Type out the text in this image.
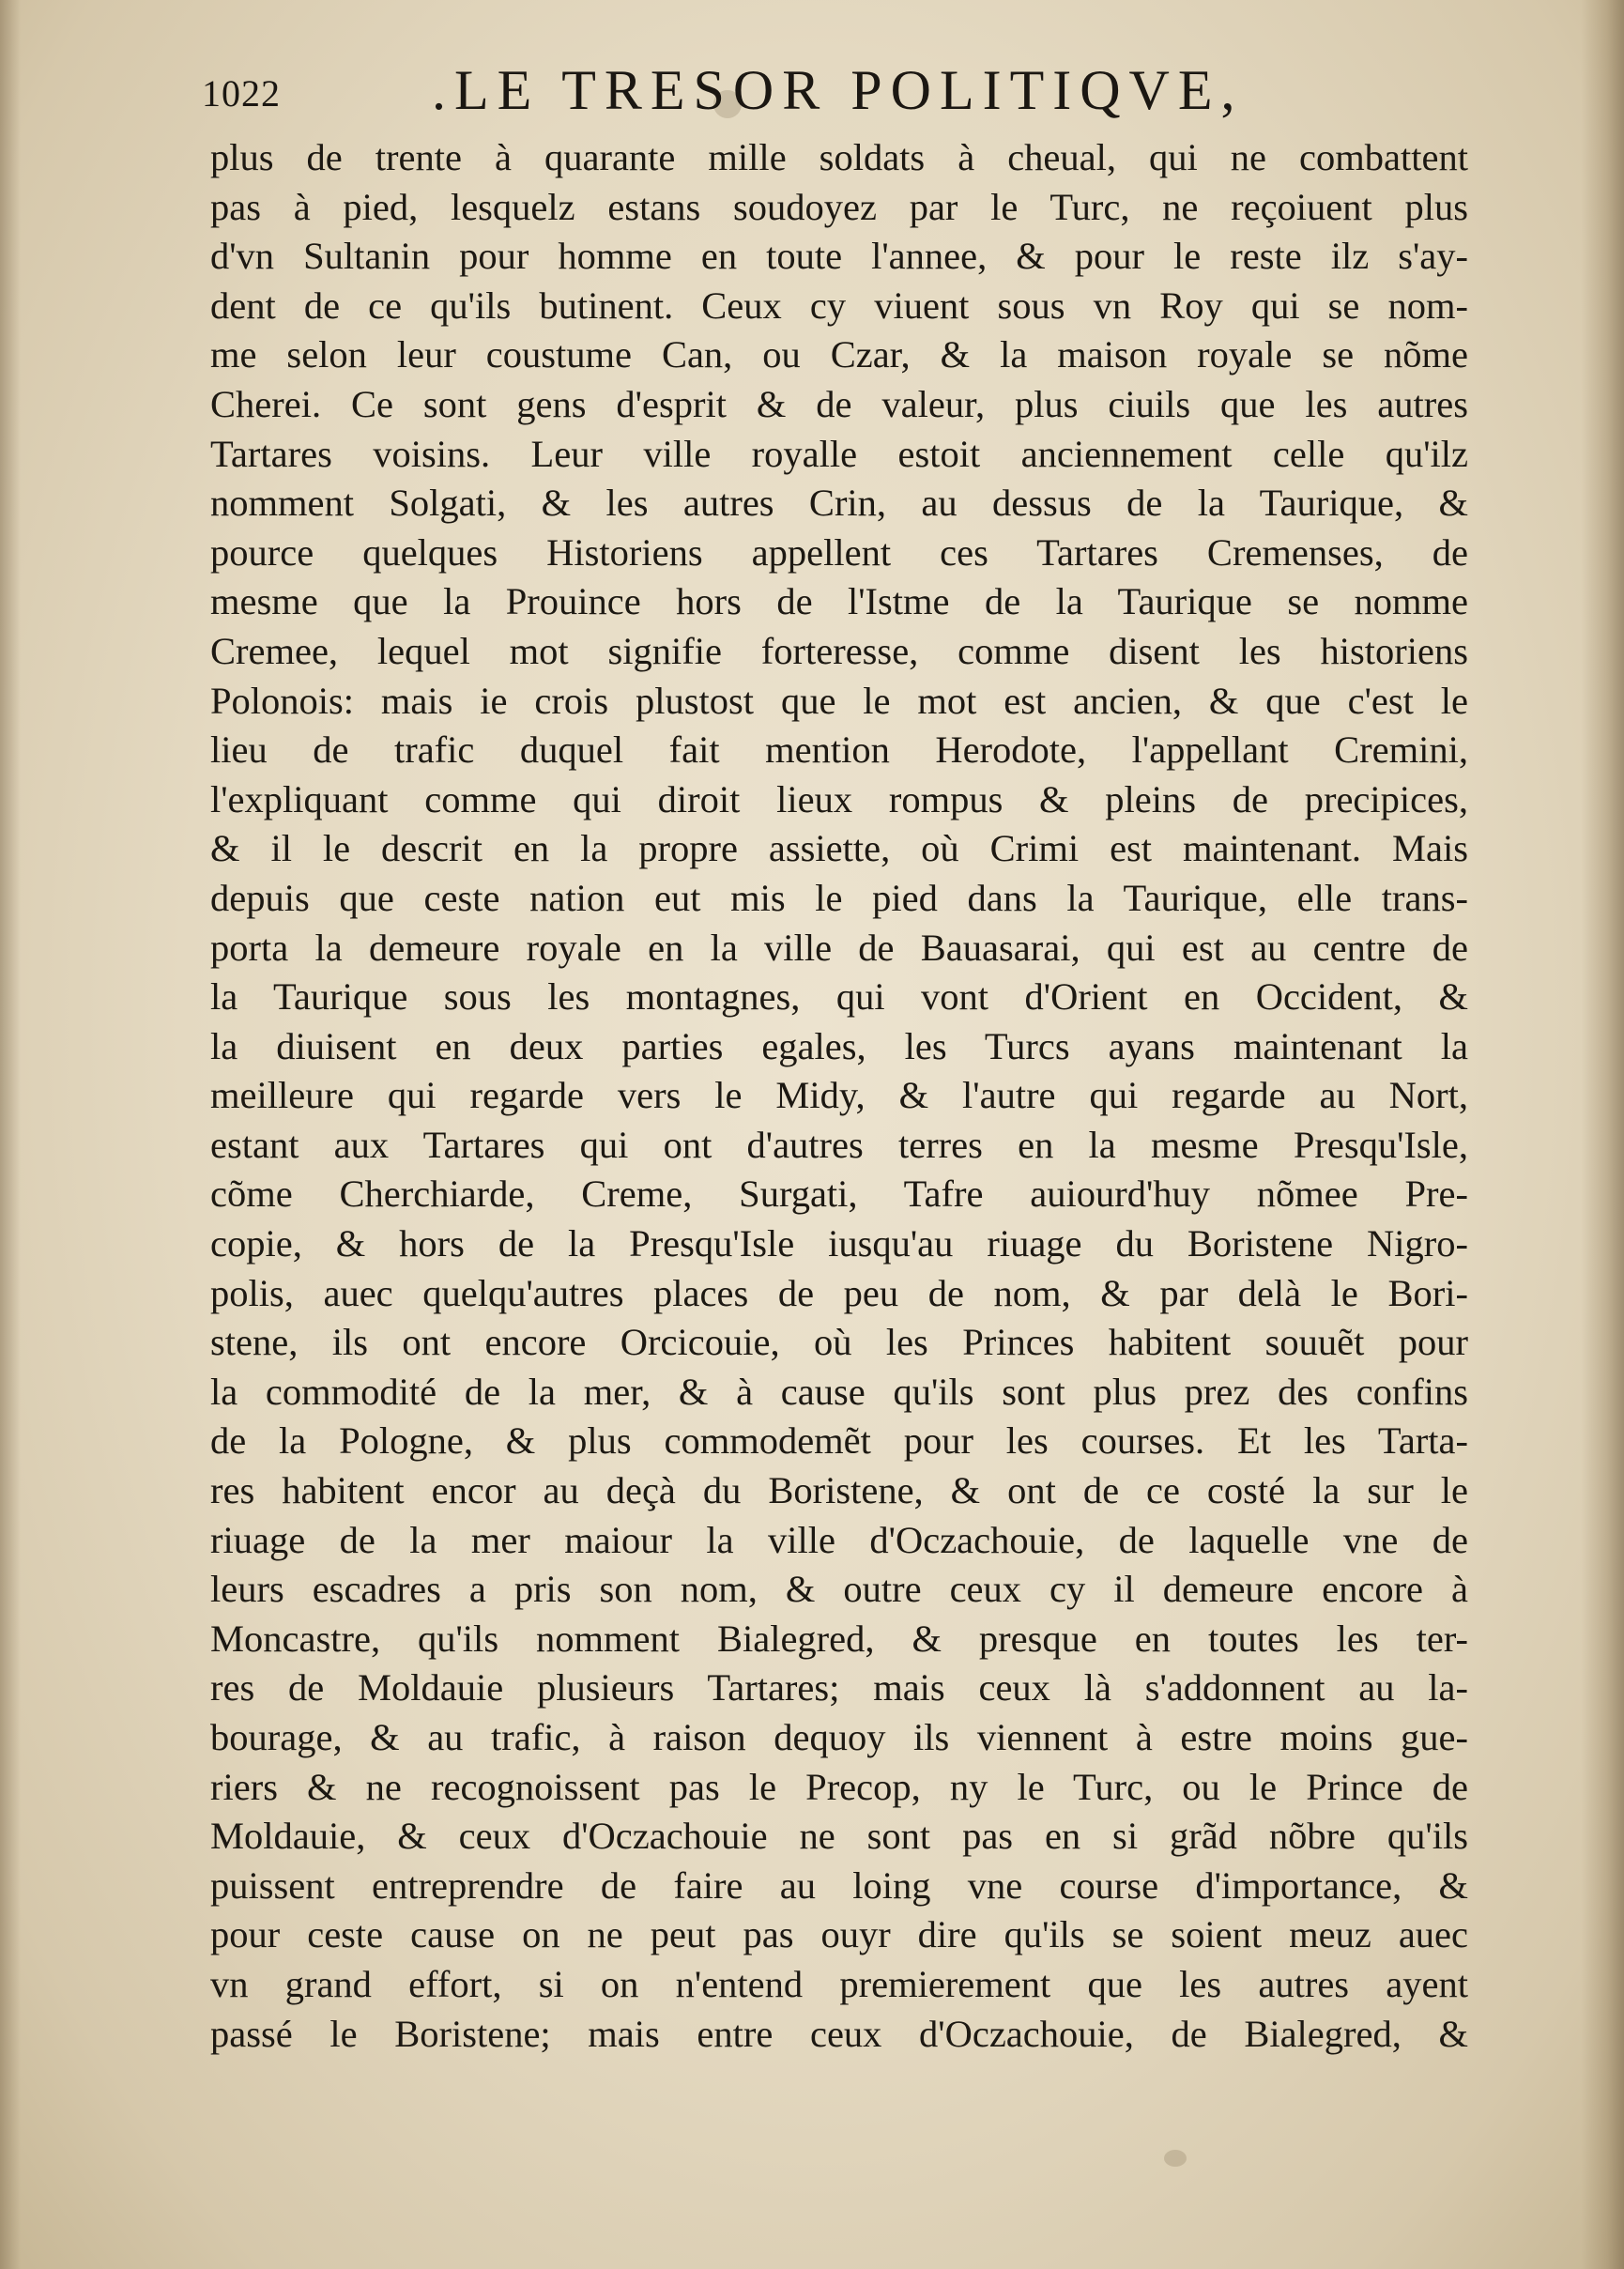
1022	.LE TRESOR POLITIQVE,
plus de trente à quarante mille soldats à cheual, qui ne combattent
pas à pied, lesquelz estans soudoyez par le Turc, ne reçoiuent plus
d'vn Sultanin pour homme en toute l'annee, & pour le reste ilz s'ay-
dent de ce qu'ils butinent. Ceux cy viuent sous vn Roy qui se nom-
me selon leur coustume Can, ou Czar, & la maison royale se nõme
Cherei. Ce sont gens d'esprit & de valeur, plus ciuils que les autres
Tartares voisins. Leur ville royalle estoit anciennement celle qu'ilz
nomment Solgati, & les autres Crin, au dessus de la Taurique, &
pource quelques Historiens appellent ces Tartares Cremenses, de
mesme que la Prouince hors de l'Istme de la Taurique se nomme
Cremee, lequel mot signifie forteresse, comme disent les historiens
Polonois: mais ie crois plustost que le mot est ancien, & que c'est le
lieu de trafic duquel fait mention Herodote, l'appellant Cremini,
l'expliquant comme qui diroit lieux rompus & pleins de precipices,
& il le descrit en la propre assiette, où Crimi est maintenant. Mais
depuis que ceste nation eut mis le pied dans la Taurique, elle trans-
porta la demeure royale en la ville de Bauasarai, qui est au centre de
la Taurique sous les montagnes, qui vont d'Orient en Occident, &
la diuisent en deux parties egales, les Turcs ayans maintenant la
meilleure qui regarde vers le Midy, & l'autre qui regarde au Nort,
estant aux Tartares qui ont d'autres terres en la mesme Presqu'Isle,
cõme Cherchiarde, Creme, Surgati, Tafre auiourd'huy nõmee Pre-
copie, & hors de la Presqu'Isle iusqu'au riuage du Boristene Nigro-
polis, auec quelqu'autres places de peu de nom, & par delà le Bori-
stene, ils ont encore Orcicouie, où les Princes habitent souuẽt pour
la commodité de la mer, & à cause qu'ils sont plus prez des confins
de la Pologne, & plus commodemẽt pour les courses. Et les Tarta-
res habitent encor au deçà du Boristene, & ont de ce costé la sur le
riuage de la mer maiour la ville d'Oczachouie, de laquelle vne de
leurs escadres a pris son nom, & outre ceux cy il demeure encore à
Moncastre, qu'ils nomment Bialegred, & presque en toutes les ter-
res de Moldauie plusieurs Tartares; mais ceux là s'addonnent au la-
bourage, & au trafic, à raison dequoy ils viennent à estre moins gue-
riers & ne recognoissent pas le Precop, ny le Turc, ou le Prince de
Moldauie, & ceux d'Oczachouie ne sont pas en si grãd nõbre qu'ils
puissent entreprendre de faire au loing vne course d'importance, &
pour ceste cause on ne peut pas ouyr dire qu'ils se soient meuz auec
vn grand effort, si on n'entend premierement que les autres ayent
passé le Boristene; mais entre ceux d'Oczachouie, de Bialegred, &
